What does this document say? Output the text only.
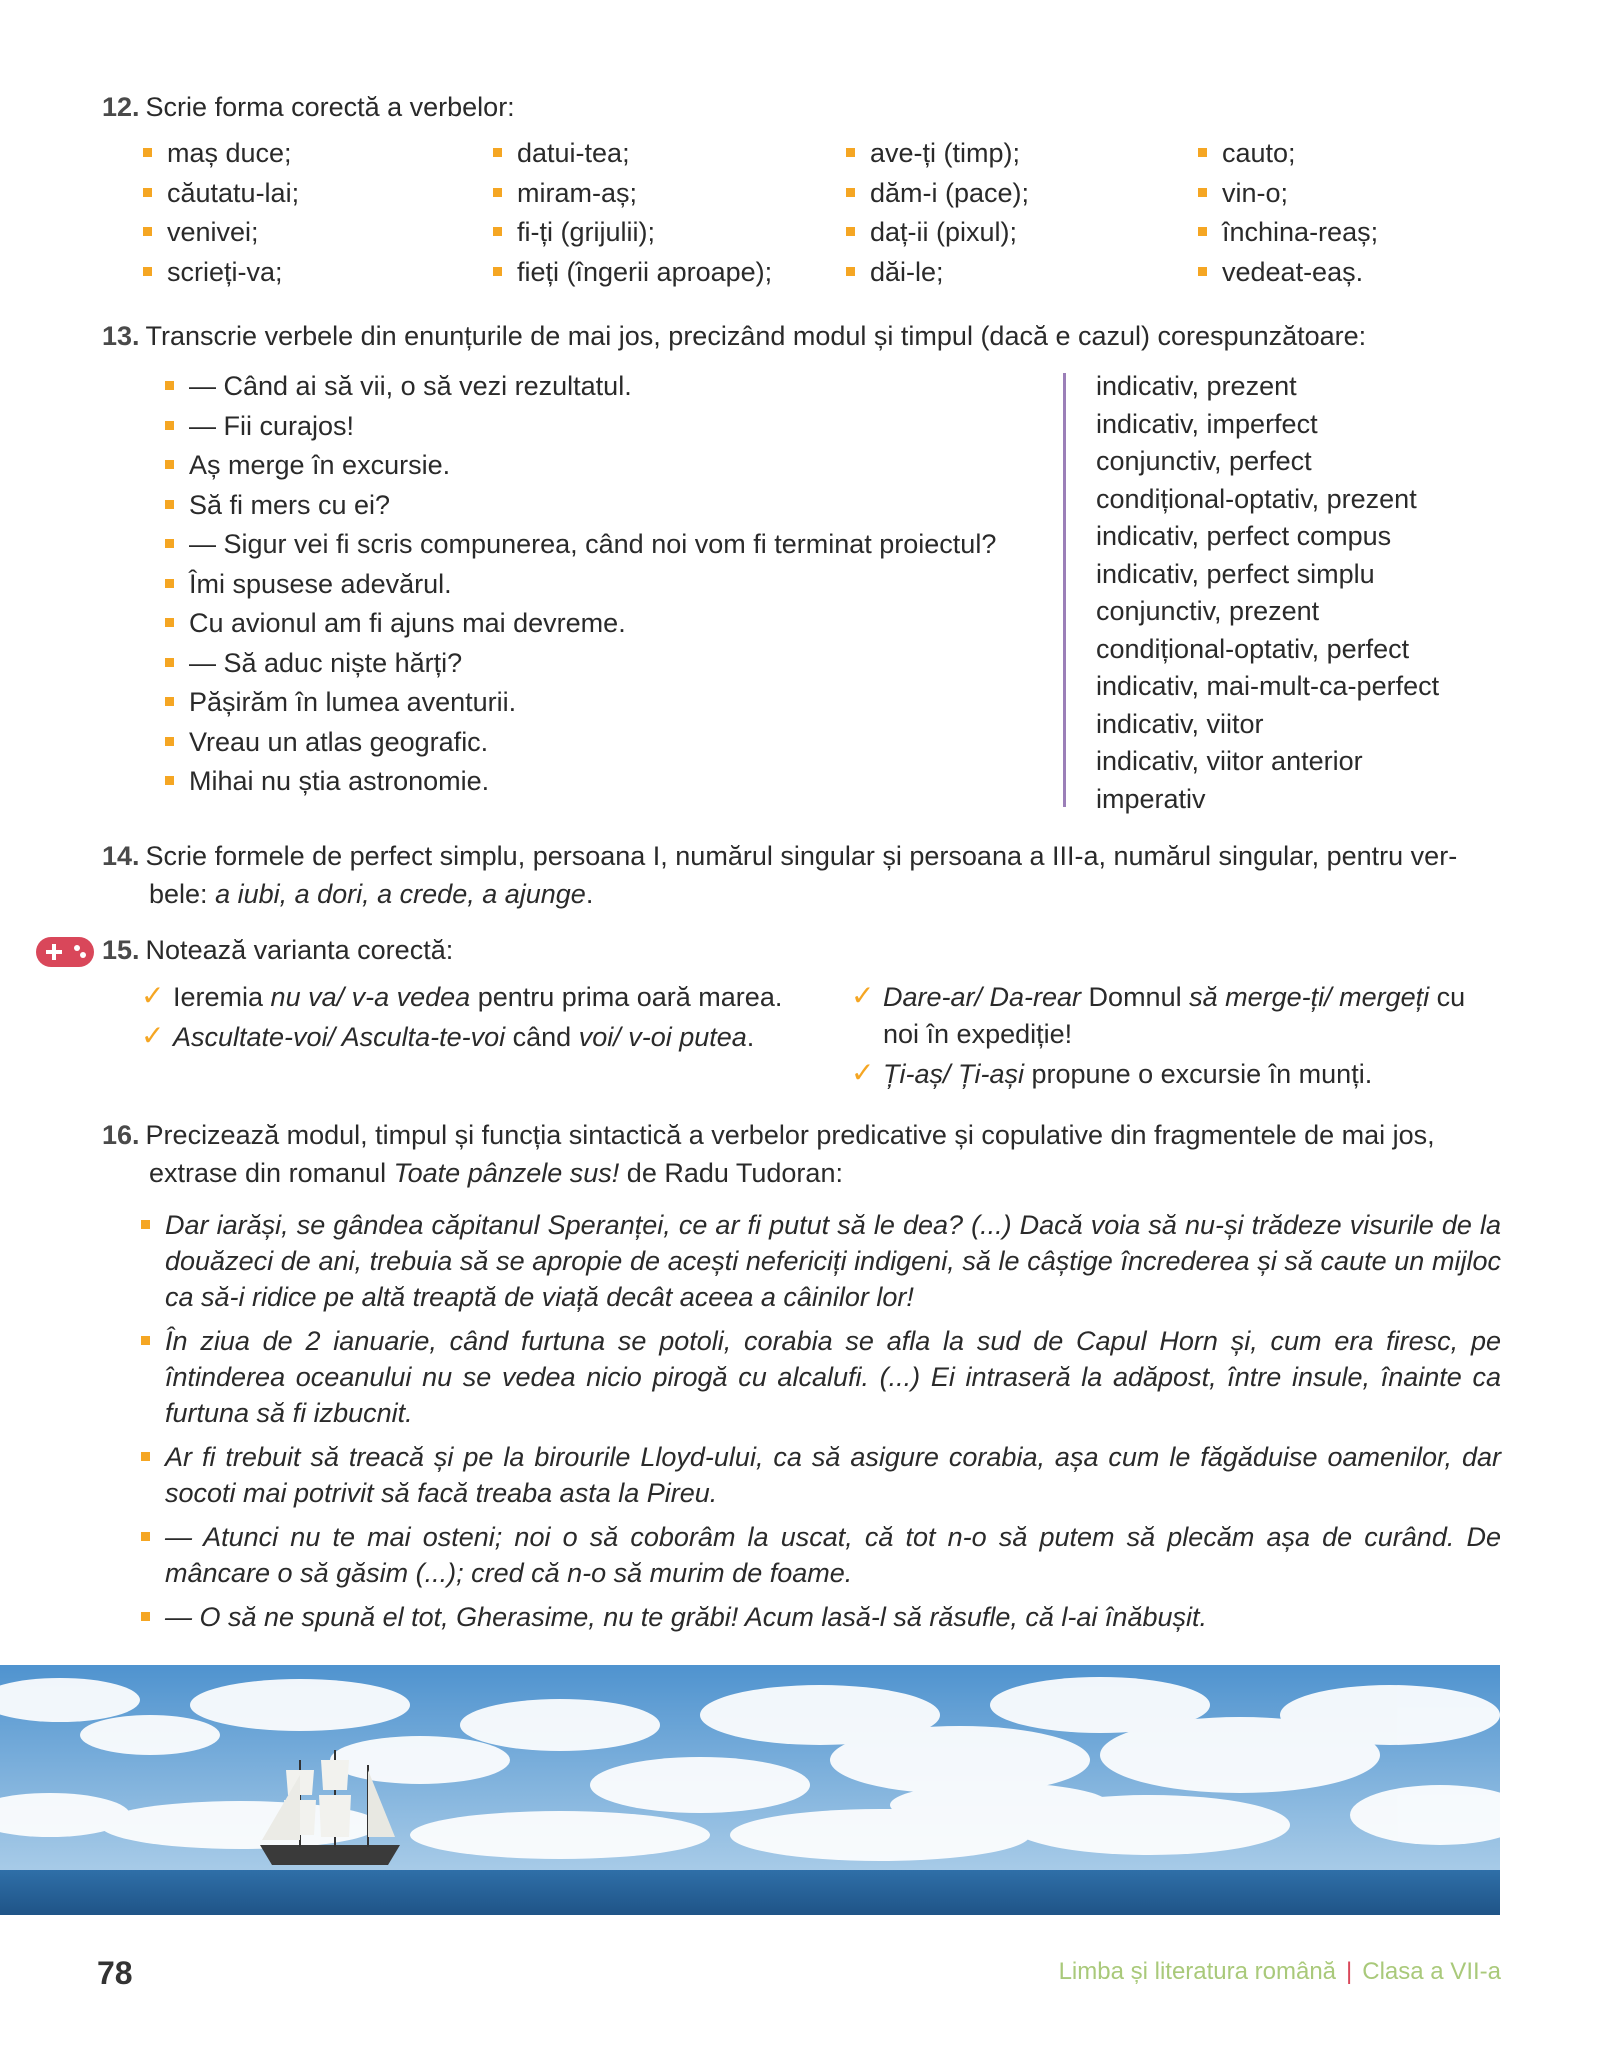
12. Scrie forma corectă a verbelor:
maș duce;
căutatu-lai;
venivei;
scrieți-va;
datui-tea;
miram-aș;
fi-ți (grijulii);
fieți (îngerii aproape);
ave-ți (timp);
dăm-i (pace);
daț-ii (pixul);
dăi-le;
cauto;
vin-o;
închina-reaș;
vedeat-eaș.
13. Transcrie verbele din enunțurile de mai jos, precizând modul și timpul (dacă e cazul) corespunzătoare:
— Când ai să vii, o să vezi rezultatul.
— Fii curajos!
Aș merge în excursie.
Să fi mers cu ei?
— Sigur vei fi scris compunerea, când noi vom fi terminat proiectul?
Îmi spusese adevărul.
Cu avionul am fi ajuns mai devreme.
— Să aduc niște hărți?
Pășirăm în lumea aventurii.
Vreau un atlas geografic.
Mihai nu știa astronomie.
indicativ, prezent
indicativ, imperfect
conjunctiv, perfect
condițional-optativ, prezent
indicativ, perfect compus
indicativ, perfect simplu
conjunctiv, prezent
condițional-optativ, perfect
indicativ, mai-mult-ca-perfect
indicativ, viitor
indicativ, viitor anterior
imperativ
14. Scrie formele de perfect simplu, persoana I, numărul singular și persoana a III-a, numărul singular, pentru ver-
bele: a iubi, a dori, a crede, a ajunge.
15. Notează varianta corectă:
✓ Ieremia nu va/ v-a vedea pentru prima oară marea.
✓ Ascultate-voi/ Asculta-te-voi când voi/ v-oi putea.
✓ Dare-ar/ Da-rear Domnul să merge-ți/ mergeți cu noi în expediție!
✓ Ți-aș/ Ți-ași propune o excursie în munți.
16. Precizează modul, timpul și funcția sintactică a verbelor predicative și copulative din fragmentele de mai jos,
extrase din romanul Toate pânzele sus! de Radu Tudoran:
Dar iarăși, se gândea căpitanul Speranței, ce ar fi putut să le dea? (...) Dacă voia să nu-și trădeze visurile de la douăzeci de ani, trebuia să se apropie de acești nefericiți indigeni, să le câștige încrederea și să caute un mijloc ca să-i ridice pe altă treaptă de viață decât aceea a câinilor lor!
În ziua de 2 ianuarie, când furtuna se potoli, corabia se afla la sud de Capul Horn și, cum era firesc, pe întinderea oceanului nu se vedea nicio pirogă cu alcalufi. (...) Ei intraseră la adăpost, între insule, înainte ca furtuna să fi izbucnit.
Ar fi trebuit să treacă și pe la birourile Lloyd-ului, ca să asigure corabia, așa cum le făgăduise oamenilor, dar socoti mai potrivit să facă treaba asta la Pireu.
— Atunci nu te mai osteni; noi o să coborâm la uscat, că tot n-o să putem să plecăm așa de curând. De mâncare o să găsim (...); cred că n-o să murim de foame.
— O să ne spună el tot, Gherasime, nu te grăbi! Acum lasă-l să răsufle, că l-ai înăbușit.
78	Limba și literatura română | Clasa a VII-a
